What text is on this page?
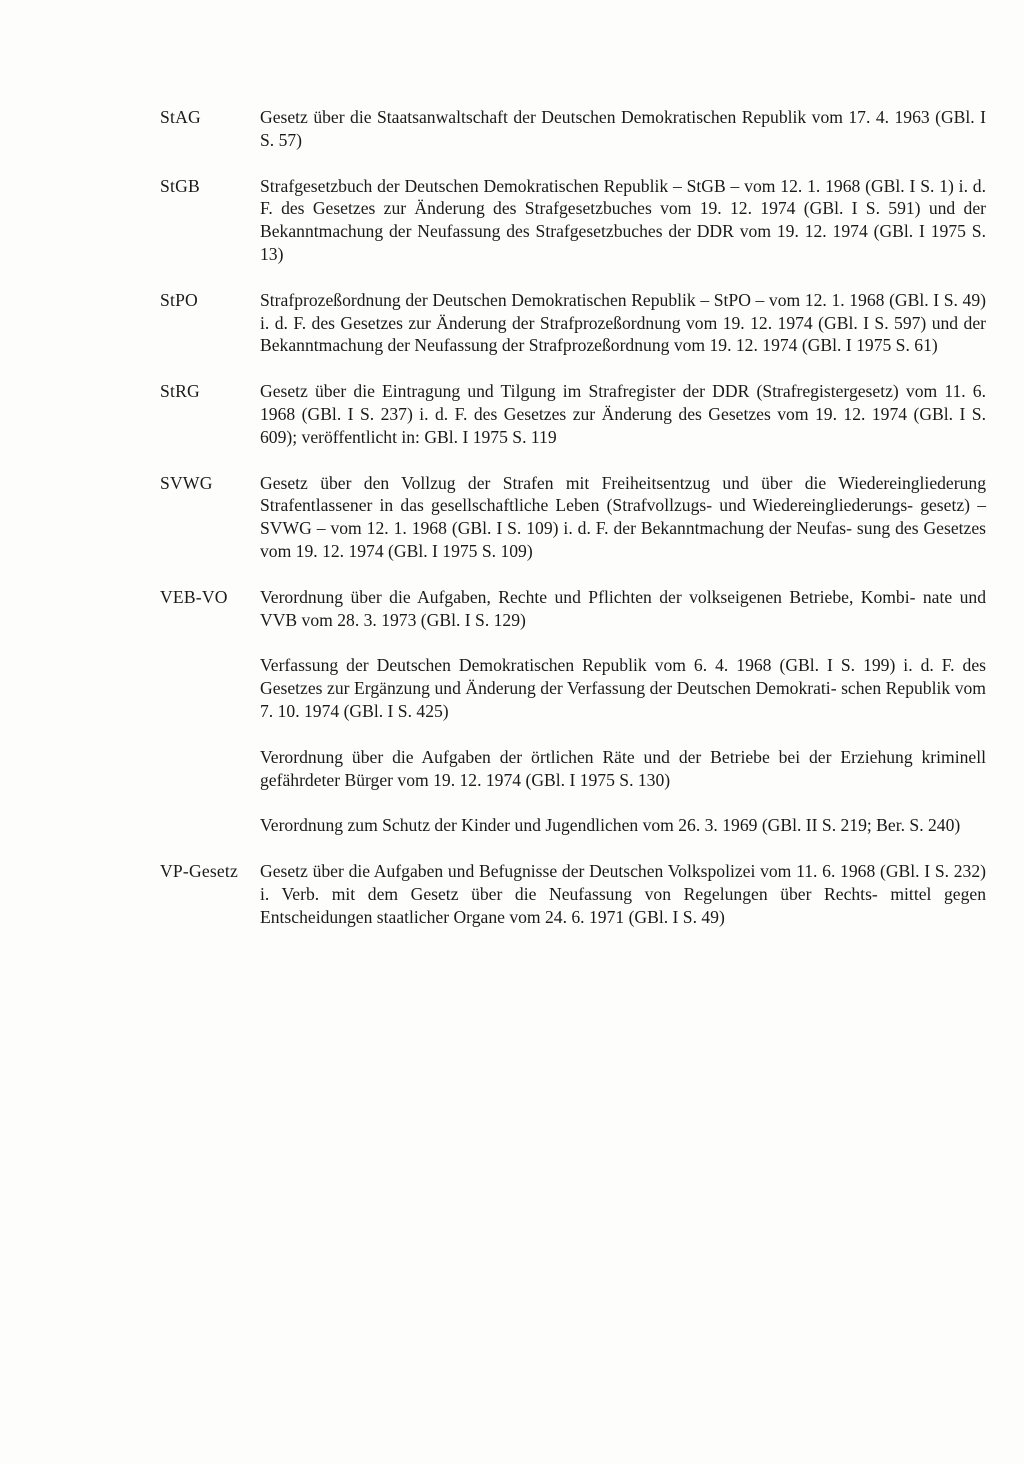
StAG	Gesetz über die Staatsanwaltschaft der Deutschen Demokratischen Republik vom 17. 4. 1963 (GBl. I S. 57)

StGB	Strafgesetzbuch der Deutschen Demokratischen Republik – StGB – vom 12. 1. 1968 (GBl. I S. 1) i. d. F. des Gesetzes zur Änderung des Strafgesetzbuches vom 19. 12. 1974 (GBl. I S. 591) und der Bekanntmachung der Neufassung des Strafgesetzbuches der DDR vom 19. 12. 1974 (GBl. I 1975 S. 13)

StPO	Strafprozeßordnung der Deutschen Demokratischen Republik – StPO – vom 12. 1. 1968 (GBl. I S. 49) i. d. F. des Gesetzes zur Änderung der Strafprozeßordnung vom 19. 12. 1974 (GBl. I S. 597) und der Bekanntmachung der Neufassung der Strafprozeßordnung vom 19. 12. 1974 (GBl. I 1975 S. 61)

StRG	Gesetz über die Eintragung und Tilgung im Strafregister der DDR (Strafregistergesetz) vom 11. 6. 1968 (GBl. I S. 237) i. d. F. des Gesetzes zur Änderung des Gesetzes vom 19. 12. 1974 (GBl. I S. 609); veröffentlicht in: GBl. I 1975 S. 119

SVWG	Gesetz über den Vollzug der Strafen mit Freiheitsentzug und über die Wiedereingliederung Strafentlassener in das gesellschaftliche Leben (Strafvollzugs- und Wiedereingliederungs- gesetz) – SVWG – vom 12. 1. 1968 (GBl. I S. 109) i. d. F. der Bekanntmachung der Neufas- sung des Gesetzes vom 19. 12. 1974 (GBl. I 1975 S. 109)

VEB-VO	Verordnung über die Aufgaben, Rechte und Pflichten der volkseigenen Betriebe, Kombi- nate und VVB vom 28. 3. 1973 (GBl. I S. 129)

Verfassung der Deutschen Demokratischen Republik vom 6. 4. 1968 (GBl. I S. 199) i. d. F. des Gesetzes zur Ergänzung und Änderung der Verfassung der Deutschen Demokrati- schen Republik vom 7. 10. 1974 (GBl. I S. 425)

Verordnung über die Aufgaben der örtlichen Räte und der Betriebe bei der Erziehung kriminell gefährdeter Bürger vom 19. 12. 1974 (GBl. I 1975 S. 130)

Verordnung zum Schutz der Kinder und Jugendlichen vom 26. 3. 1969 (GBl. II S. 219; Ber. S. 240)

VP-Gesetz	Gesetz über die Aufgaben und Befugnisse der Deutschen Volkspolizei vom 11. 6. 1968 (GBl. I S. 232) i. Verb. mit dem Gesetz über die Neufassung von Regelungen über Rechts- mittel gegen Entscheidungen staatlicher Organe vom 24. 6. 1971 (GBl. I S. 49)
